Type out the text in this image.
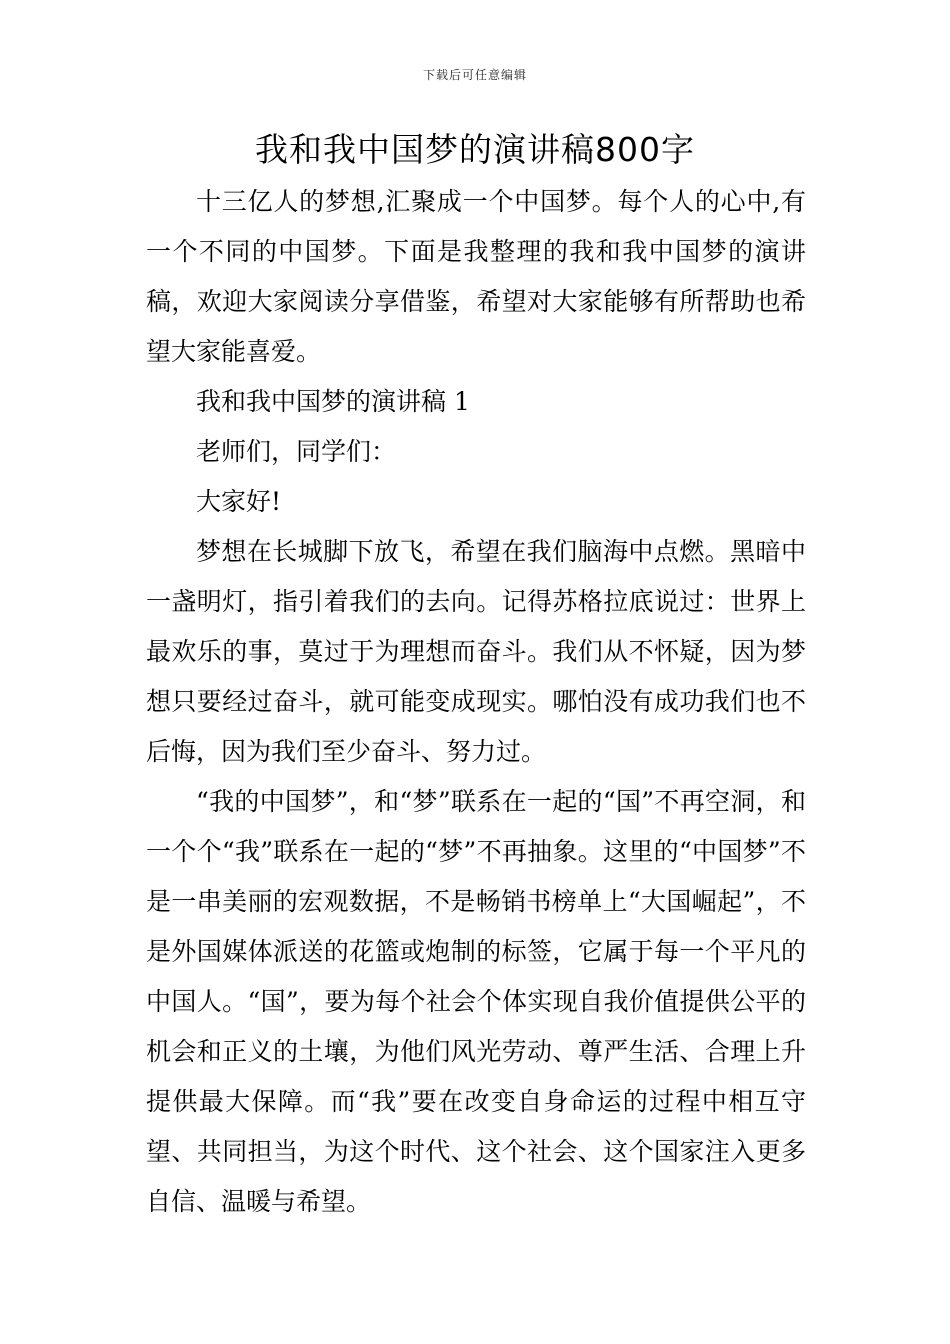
下载后可任意编辑
我和我中国梦的演讲稿800字

十三亿人的梦想,汇聚成一个中国梦。每个人的心中,有一个不同的中国梦。下面是我整理的我和我中国梦的演讲稿，欢迎大家阅读分享借鉴，希望对大家能够有所帮助也希望大家能喜爱。

我和我中国梦的演讲稿 1

老师们，同学们：

大家好!

梦想在长城脚下放飞，希望在我们脑海中点燃。黑暗中一盏明灯，指引着我们的去向。记得苏格拉底说过：世界上最欢乐的事，莫过于为理想而奋斗。我们从不怀疑，因为梦想只要经过奋斗，就可能变成现实。哪怕没有成功我们也不后悔，因为我们至少奋斗、努力过。

“我的中国梦”，和“梦”联系在一起的“国”不再空洞，和一个个“我”联系在一起的“梦”不再抽象。这里的“中国梦”不是一串美丽的宏观数据，不是畅销书榜单上“大国崛起”，不是外国媒体派送的花篮或炮制的标签，它属于每一个平凡的中国人。“国”，要为每个社会个体实现自我价值提供公平的机会和正义的土壤，为他们风光劳动、尊严生活、合理上升提供最大保障。而“我”要在改变自身命运的过程中相互守望、共同担当，为这个时代、这个社会、这个国家注入更多自信、温暖与希望。
